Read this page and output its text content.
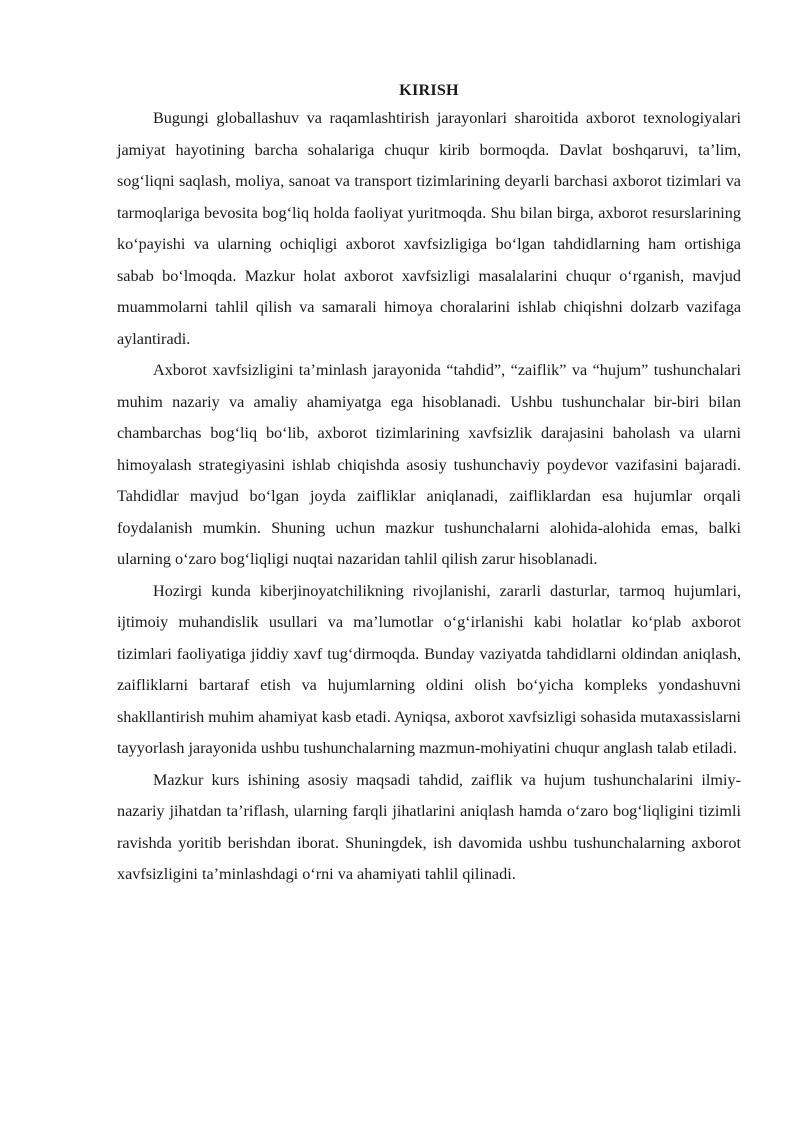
KIRISH

Bugungi globallashuv va raqamlashtirish jarayonlari sharoitida axborot texnologiyalari jamiyat hayotining barcha sohalariga chuqur kirib bormoqda. Davlat boshqaruvi, ta’lim, sog‘liqni saqlash, moliya, sanoat va transport tizimlarining deyarli barchasi axborot tizimlari va tarmoqlariga bevosita bog‘liq holda faoliyat yuritmoqda. Shu bilan birga, axborot resurslarining ko‘payishi va ularning ochiqligi axborot xavfsizligiga bo‘lgan tahdidlarning ham ortishiga sabab bo‘lmoqda. Mazkur holat axborot xavfsizligi masalalarini chuqur o‘rganish, mavjud muammolarni tahlil qilish va samarali himoya choralarini ishlab chiqishni dolzarb vazifaga aylantiradi.

Axborot xavfsizligini ta’minlash jarayonida “tahdid”, “zaiflik” va “hujum” tushunchalari muhim nazariy va amaliy ahamiyatga ega hisoblanadi. Ushbu tushunchalar bir-biri bilan chambarchas bog‘liq bo‘lib, axborot tizimlarining xavfsizlik darajasini baholash va ularni himoyalash strategiyasini ishlab chiqishda asosiy tushunchaviy poydevor vazifasini bajaradi. Tahdidlar mavjud bo‘lgan joyda zaifliklar aniqlanadi, zaifliklardan esa hujumlar orqali foydalanish mumkin. Shuning uchun mazkur tushunchalarni alohida-alohida emas, balki ularning o‘zaro bog‘liqligi nuqtai nazaridan tahlil qilish zarur hisoblanadi.

Hozirgi kunda kiberjinoyatchilikning rivojlanishi, zararli dasturlar, tarmoq hujumlari, ijtimoiy muhandislik usullari va ma’lumotlar o‘g‘irlanishi kabi holatlar ko‘plab axborot tizimlari faoliyatiga jiddiy xavf tug‘dirmoqda. Bunday vaziyatda tahdidlarni oldindan aniqlash, zaifliklarni bartaraf etish va hujumlarning oldini olish bo‘yicha kompleks yondashuvni shakllantirish muhim ahamiyat kasb etadi. Ayniqsa, axborot xavfsizligi sohasida mutaxassislarni tayyorlash jarayonida ushbu tushunchalarning mazmun-mohiyatini chuqur anglash talab etiladi.

Mazkur kurs ishining asosiy maqsadi tahdid, zaiflik va hujum tushunchalarini ilmiy-nazariy jihatdan ta’riflash, ularning farqli jihatlarini aniqlash hamda o‘zaro bog‘liqligini tizimli ravishda yoritib berishdan iborat. Shuningdek, ish davomida ushbu tushunchalarning axborot xavfsizligini ta’minlashdagi o‘rni va ahamiyati tahlil qilinadi.
